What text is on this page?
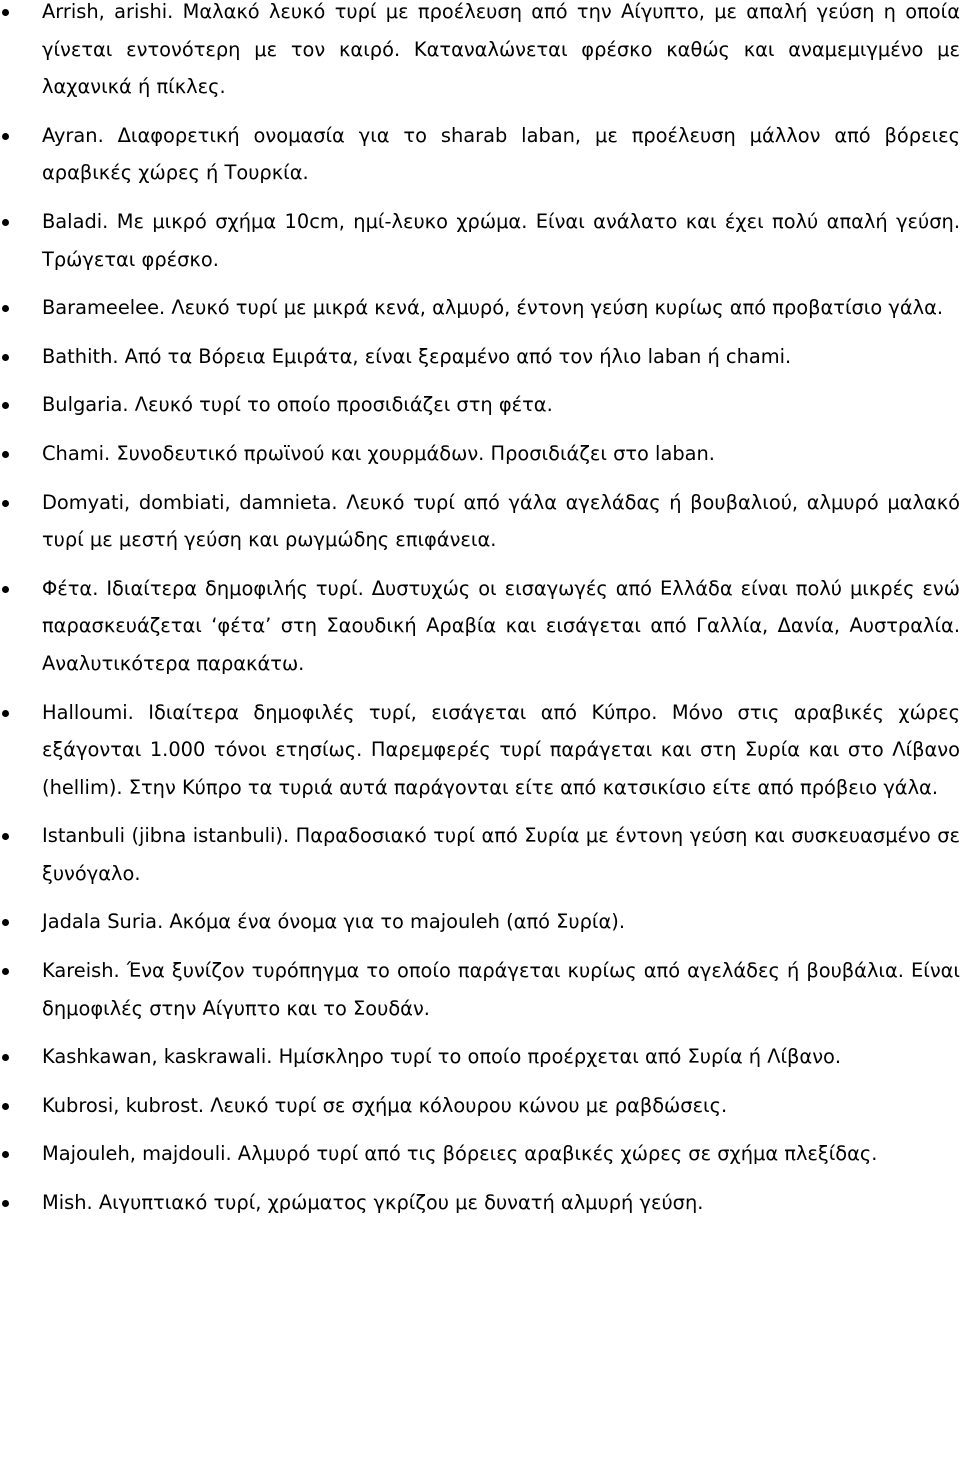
Arrish, arishi. Μαλακό λευκό τυρί με προέλευση από την Αίγυπτο, με απαλή γεύση η οποία γίνεται εντονότερη με τον καιρό. Καταναλώνεται φρέσκο καθώς και αναμεμιγμένο με λαχανικά ή πίκλες.
Ayran. Διαφορετική ονομασία για το sharab laban, με προέλευση μάλλον από βόρειες αραβικές χώρες ή Τουρκία.
Baladi. Με μικρό σχήμα 10cm, ημί-λευκο χρώμα. Είναι ανάλατο και έχει πολύ απαλή γεύση. Τρώγεται φρέσκο.
Barameelee. Λευκό τυρί με μικρά κενά, αλμυρό, έντονη γεύση κυρίως από προβατίσιο γάλα.
Bathith. Από τα Βόρεια Εμιράτα, είναι ξεραμένο από τον ήλιο laban ή chami.
Bulgaria. Λευκό τυρί το οποίο προσιδιάζει στη φέτα.
Chami. Συνοδευτικό πρωϊνού και χουρμάδων. Προσιδιάζει στο laban.
Domyati, dombiati, damnieta. Λευκό τυρί από γάλα αγελάδας ή βουβαλιού, αλμυρό μαλακό τυρί με μεστή γεύση και ρωγμώδης επιφάνεια.
Φέτα. Ιδιαίτερα δημοφιλής τυρί. Δυστυχώς οι εισαγωγές από Ελλάδα είναι πολύ μικρές ενώ παρασκευάζεται ‘φέτα’ στη Σαουδική Αραβία και εισάγεται από Γαλλία, Δανία, Αυστραλία. Αναλυτικότερα παρακάτω.
Halloumi. Ιδιαίτερα δημοφιλές τυρί, εισάγεται από Κύπρο. Μόνο στις αραβικές χώρες εξάγονται 1.000 τόνοι ετησίως. Παρεμφερές τυρί παράγεται και στη Συρία και στο Λίβανο (hellim). Στην Κύπρο τα τυριά αυτά παράγονται είτε από κατσικίσιο είτε από πρόβειο γάλα.
Istanbuli (jibna istanbuli). Παραδοσιακό τυρί από Συρία με έντονη γεύση και συσκευασμένο σε ξυνόγαλο.
Jadala Suria. Ακόμα ένα όνομα για το majouleh (από Συρία).
Kareish. Ένα ξυνίζον τυρόπηγμα το οποίο παράγεται κυρίως από αγελάδες ή βουβάλια. Είναι δημοφιλές στην Αίγυπτο και το Σουδάν.
Kashkawan, kaskrawali. Ημίσκληρο τυρί το οποίο προέρχεται από Συρία ή Λίβανο.
Kubrosi, kubrost. Λευκό τυρί σε σχήμα κόλουρου κώνου με ραβδώσεις.
Majouleh, majdouli. Αλμυρό τυρί από τις βόρειες αραβικές χώρες σε σχήμα πλεξίδας.
Mish. Αιγυπτιακό τυρί, χρώματος γκρίζου με δυνατή αλμυρή γεύση.
